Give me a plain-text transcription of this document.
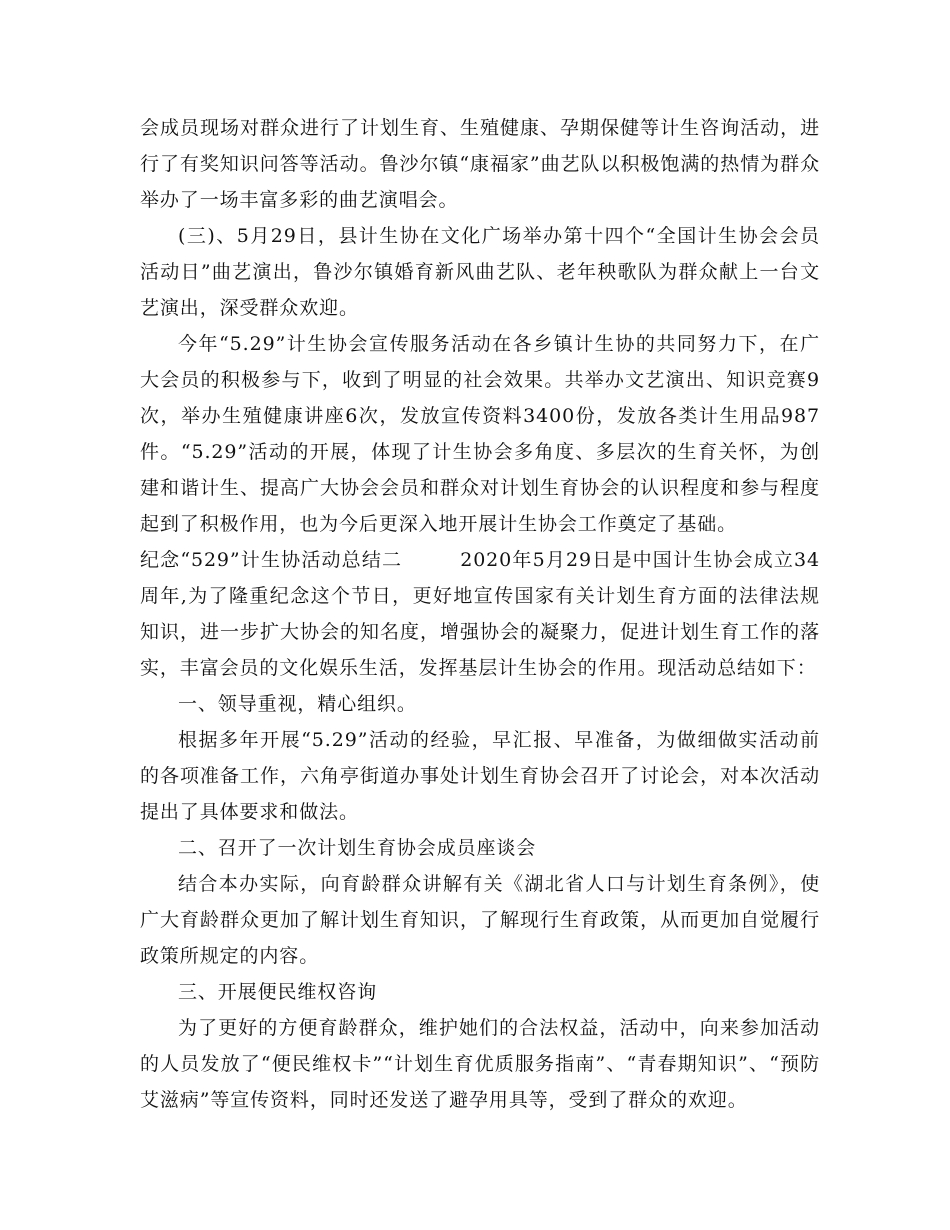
会成员现场对群众进行了计划生育、生殖健康、孕期保健等计生咨询活动，进行了有奖知识问答等活动。鲁沙尔镇“康福家”曲艺队以积极饱满的热情为群众举办了一场丰富多彩的曲艺演唱会。

(三)、5月29日，县计生协在文化广场举办第十四个“全国计生协会会员活动日”曲艺演出，鲁沙尔镇婚育新风曲艺队、老年秧歌队为群众献上一台文艺演出，深受群众欢迎。

今年“5.29”计生协会宣传服务活动在各乡镇计生协的共同努力下，在广大会员的积极参与下，收到了明显的社会效果。共举办文艺演出、知识竞赛9次，举办生殖健康讲座6次，发放宣传资料3400份，发放各类计生用品987件。“5.29”活动的开展，体现了计生协会多角度、多层次的生育关怀，为创建和谐计生、提高广大协会会员和群众对计划生育协会的认识程度和参与程度起到了积极作用，也为今后更深入地开展计生协会工作奠定了基础。

纪念“529”计生协活动总结二	2020年5月29日是中国计生协会成立34周年,为了隆重纪念这个节日，更好地宣传国家有关计划生育方面的法律法规知识，进一步扩大协会的知名度，增强协会的凝聚力，促进计划生育工作的落实，丰富会员的文化娱乐生活，发挥基层计生协会的作用。现活动总结如下：

一、领导重视，精心组织。

根据多年开展“5.29”活动的经验，早汇报、早准备，为做细做实活动前的各项准备工作，六角亭街道办事处计划生育协会召开了讨论会，对本次活动提出了具体要求和做法。

二、召开了一次计划生育协会成员座谈会

结合本办实际，向育龄群众讲解有关《湖北省人口与计划生育条例》，使广大育龄群众更加了解计划生育知识，了解现行生育政策，从而更加自觉履行政策所规定的内容。

三、开展便民维权咨询

为了更好的方便育龄群众，维护她们的合法权益，活动中，向来参加活动的人员发放了“便民维权卡”“计划生育优质服务指南”、“青春期知识”、“预防艾滋病”等宣传资料，同时还发送了避孕用具等，受到了群众的欢迎。
